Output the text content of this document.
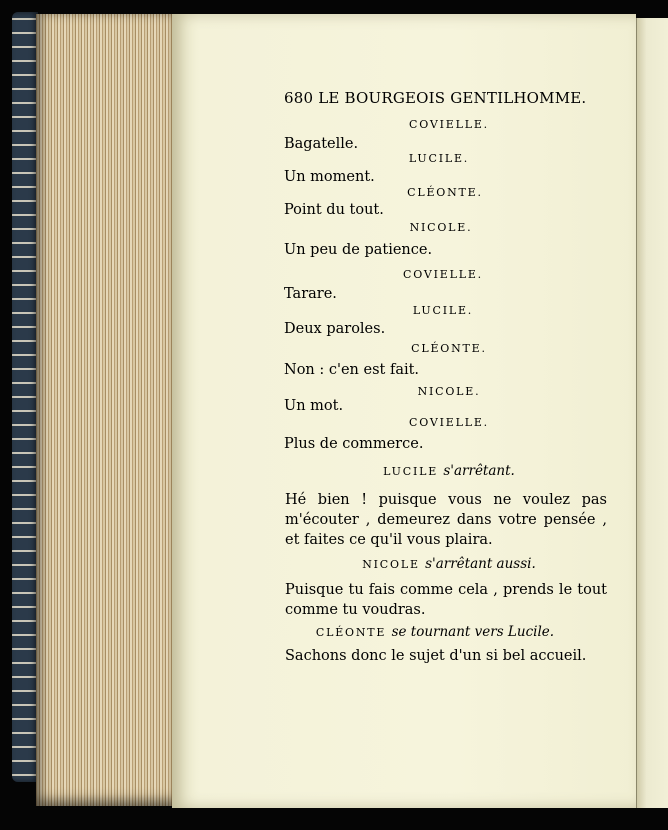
680 LE BOURGEOIS GENTILHOMME.
COVIELLE.
Bagatelle.
LUCILE.
Un moment.
CLÉONTE.
Point du tout.
NICOLE.
Un peu de patience.
COVIELLE.
Tarare.
LUCILE.
Deux paroles.
CLÉONTE.
Non : c'en est fait.
NICOLE.
Un mot.
COVIELLE.
Plus de commerce.
LUCILE s'arrêtant.
Hé bien ! puisque vous ne voulez pas m'écouter , demeurez dans votre pensée , et faites ce qu'il vous plaira.
NICOLE s'arrêtant aussi.
Puisque tu fais comme cela , prends le tout comme tu voudras.
CLÉONTE se tournant vers Lucile.
Sachons donc le sujet d'un si bel accueil.
